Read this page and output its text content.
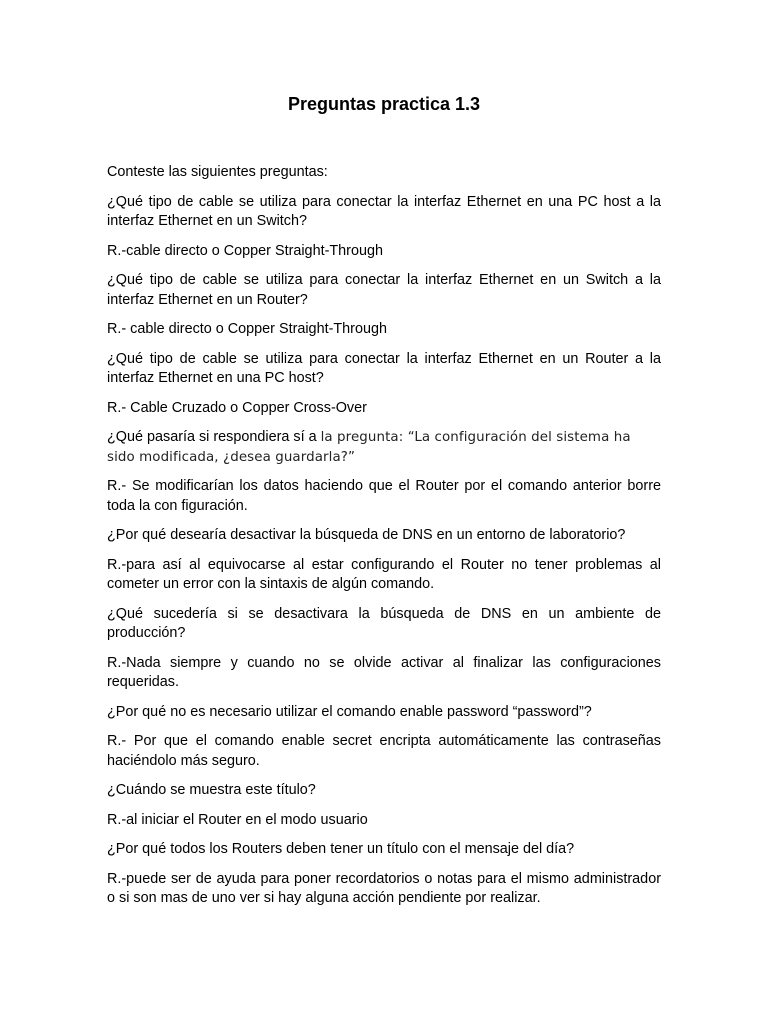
Preguntas practica 1.3

Conteste las siguientes preguntas:

¿Qué tipo de cable se utiliza para conectar la interfaz Ethernet en una PC host a la interfaz Ethernet en un Switch?

R.-cable directo o Copper Straight-Through

¿Qué tipo de cable se utiliza para conectar la interfaz Ethernet en un Switch a la interfaz Ethernet en un Router?

R.- cable directo o Copper Straight-Through

¿Qué tipo de cable se utiliza para conectar la interfaz Ethernet en un Router a la interfaz Ethernet en una PC host?

R.- Cable Cruzado o Copper Cross-Over

¿Qué pasaría si respondiera sí a la pregunta: “La configuración del sistema ha sido modificada, ¿desea guardarla?”

R.- Se modificarían los datos haciendo que el Router por el comando anterior borre toda la con figuración.

¿Por qué desearía desactivar la búsqueda de DNS en un entorno de laboratorio?

R.-para así al equivocarse al estar configurando el Router no tener problemas al cometer un error con la sintaxis de algún comando.

¿Qué sucedería si se desactivara la búsqueda de DNS en un ambiente de producción?

R.-Nada siempre y cuando no se olvide activar al finalizar las configuraciones requeridas.

¿Por qué no es necesario utilizar el comando enable password “password”?

R.- Por que el comando enable secret encripta automáticamente las contraseñas haciéndolo más seguro.

¿Cuándo se muestra este título?

R.-al iniciar el Router en el modo usuario

¿Por qué todos los Routers deben tener un título con el mensaje del día?

R.-puede ser de ayuda para poner recordatorios o notas para el mismo administrador o si son mas de uno ver si hay alguna acción pendiente por realizar.
